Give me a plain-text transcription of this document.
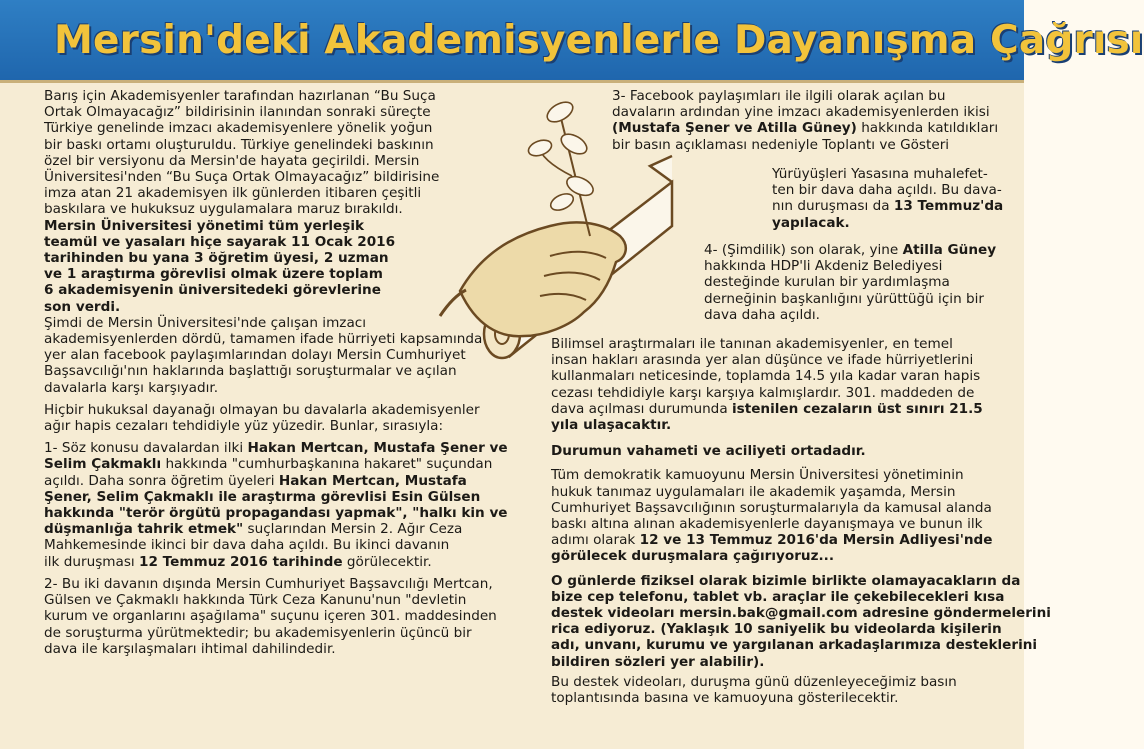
Mersin'deki Akademisyenlerle Dayanışma Çağrısı

Barış için Akademisyenler tarafından hazırlanan “Bu Suça
Ortak Olmayacağız” bildirisinin ilanından sonraki süreçte
Türkiye genelinde imzacı akademisyenlere yönelik yoğun
bir baskı ortamı oluşturuldu. Türkiye genelindeki baskının
özel bir versiyonu da Mersin'de hayata geçirildi. Mersin
Üniversitesi'nden “Bu Suça Ortak Olmayacağız” bildirisine
imza atan 21 akademisyen ilk günlerden itibaren çeşitli
baskılara ve hukuksuz uygulamalara maruz bırakıldı.

Mersin Üniversitesi yönetimi tüm yerleşik
teamül ve yasaları hiçe sayarak 11 Ocak 2016
tarihinden bu yana 3 öğretim üyesi, 2 uzman
ve 1 araştırma görevlisi olmak üzere toplam
6 akademisyenin üniversitedeki görevlerine
son verdi.

Şimdi de Mersin Üniversitesi'nde çalışan imzacı
akademisyenlerden dördü, tamamen ifade hürriyeti kapsamında
yer alan facebook paylaşımlarından dolayı Mersin Cumhuriyet
Başsavcılığı'nın haklarında başlattığı soruşturmalar ve açılan
davalarla karşı karşıyadır.

Hiçbir hukuksal dayanağı olmayan bu davalarla akademisyenler
ağır hapis cezaları tehdidiyle yüz yüzedir. Bunlar, sırasıyla:

1- Söz konusu davalardan ilki Hakan Mertcan, Mustafa Şener ve
Selim Çakmaklı hakkında "cumhurbaşkanına hakaret" suçundan
açıldı. Daha sonra öğretim üyeleri Hakan Mertcan, Mustafa
Şener, Selim Çakmaklı ile araştırma görevlisi Esin Gülsen
hakkında "terör örgütü propagandası yapmak", "halkı kin ve
düşmanlığa tahrik etmek" suçlarından Mersin 2. Ağır Ceza
Mahkemesinde ikinci bir dava daha açıldı. Bu ikinci davanın
ilk duruşması 12 Temmuz 2016 tarihinde görülecektir.

2- Bu iki davanın dışında Mersin Cumhuriyet Başsavcılığı Mertcan,
Gülsen ve Çakmaklı hakkında Türk Ceza Kanunu'nun "devletin
kurum ve organlarını aşağılama" suçunu içeren 301. maddesinden
de soruşturma yürütmektedir; bu akademisyenlerin üçüncü bir
dava ile karşılaşmaları ihtimal dahilindedir.

3- Facebook paylaşımları ile ilgili olarak açılan bu
davaların ardından yine imzacı akademisyenlerden ikisi
(Mustafa Şener ve Atilla Güney) hakkında katıldıkları
bir basın açıklaması nedeniyle Toplantı ve Gösteri

Yürüyüşleri Yasasına muhalefet-
ten bir dava daha açıldı. Bu dava-
nın duruşması da 13 Temmuz'da
yapılacak.

4- (Şimdilik) son olarak, yine Atilla Güney
hakkında HDP'li Akdeniz Belediyesi
desteğinde kurulan bir yardımlaşma
derneğinin başkanlığını yürüttüğü için bir
dava daha açıldı.

Bilimsel araştırmaları ile tanınan akademisyenler, en temel
insan hakları arasında yer alan düşünce ve ifade hürriyetlerini
kullanmaları neticesinde, toplamda 14.5 yıla kadar varan hapis
cezası tehdidiyle karşı karşıya kalmışlardır. 301. maddeden de
dava açılması durumunda istenilen cezaların üst sınırı 21.5
yıla ulaşacaktır.

Durumun vahameti ve aciliyeti ortadadır.

Tüm demokratik kamuoyunu Mersin Üniversitesi yönetiminin
hukuk tanımaz uygulamaları ile akademik yaşamda, Mersin
Cumhuriyet Başsavcılığının soruşturmalarıyla da kamusal alanda
baskı altına alınan akademisyenlerle dayanışmaya ve bunun ilk
adımı olarak 12 ve 13 Temmuz 2016'da Mersin Adliyesi'nde
görülecek duruşmalara çağırıyoruz...

O günlerde fiziksel olarak bizimle birlikte olamayacakların da
bize cep telefonu, tablet vb. araçlar ile çekebilecekleri kısa
destek videoları mersin.bak@gmail.com adresine göndermelerini
rica ediyoruz. (Yaklaşık 10 saniyelik bu videolarda kişilerin
adı, unvanı, kurumu ve yargılanan arkadaşlarımıza desteklerini
bildiren sözleri yer alabilir).

Bu destek videoları, duruşma günü düzenleyeceğimiz basın
toplantısında basına ve kamuoyuna gösterilecektir.
